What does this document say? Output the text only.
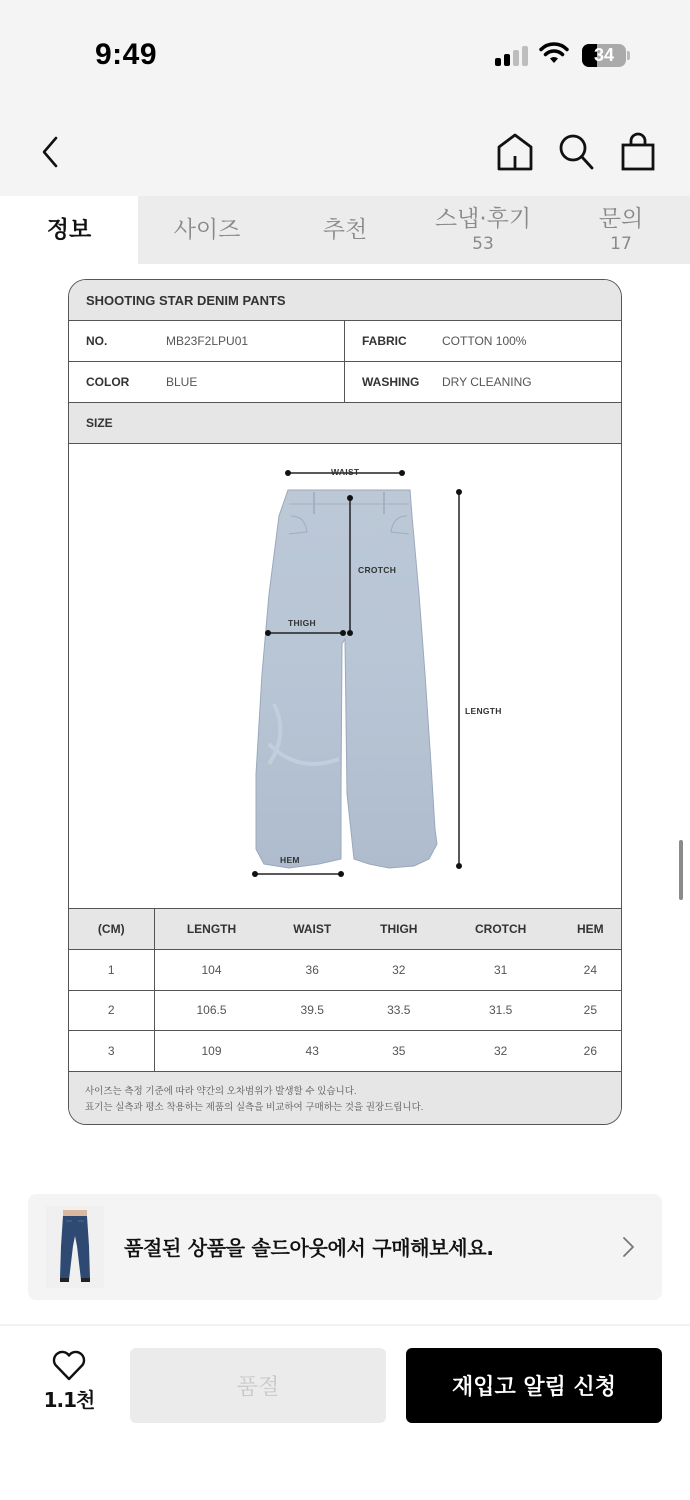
9:49	34
정보	사이즈	추천	스냅·후기
53
문의
17
SHOOTING STAR DENIM PANTS
NO.	MB23F2LPU01	FABRIC	COTTON 100%
COLOR	BLUE	WASHING	DRY CLEANING
SIZE
WAIST
CROTCH
THIGH
LENGTH
HEM
(CM)	LENGTH	WAIST	THIGH	CROTCH	HEM
1	104	36	32	31	24
2	106.5	39.5	33.5	31.5	25
3	109	43	35	32	26
사이즈는 측정 기준에 따라 약간의 오차범위가 발생할 수 있습니다.
표기는 실측과 평소 착용하는 제품의 실측을 비교하여 구매하는 것을 권장드립니다.
품절된 상품을 솔드아웃에서 구매해보세요.
1.1천	품절	재입고 알림 신청
